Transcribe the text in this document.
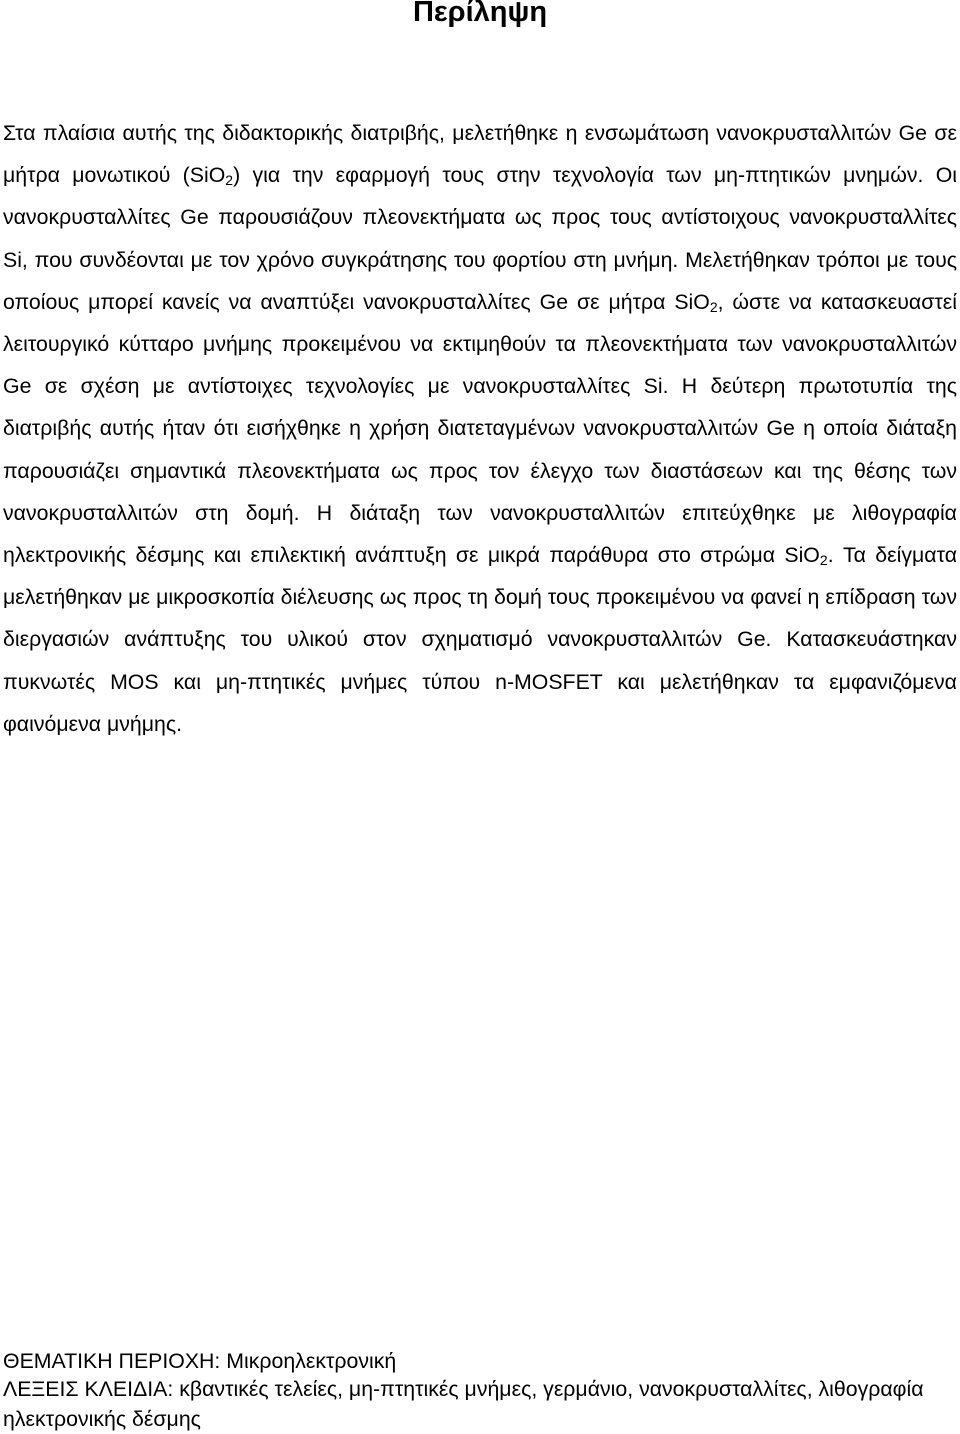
Περίληψη

Στα πλαίσια αυτής της διδακτορικής διατριβής, μελετήθηκε η ενσωμάτωση νανοκρυσταλλιτών Ge σε μήτρα μονωτικού (SiO$_2$) για την εφαρμογή τους στην τεχνολογία των μη-πτητικών μνημών. Οι νανοκρυσταλλίτες Ge παρουσιάζουν πλεονεκτήματα ως προς τους αντίστοιχους νανοκρυσταλλίτες Si, που συνδέονται με τον χρόνο συγκράτησης του φορτίου στη μνήμη. Μελετήθηκαν τρόποι με τους οποίους μπορεί κανείς να αναπτύξει νανοκρυσταλλίτες Ge σε μήτρα SiO$_2$, ώστε να κατασκευαστεί λειτουργικό κύτταρο μνήμης προκειμένου να εκτιμηθούν τα πλεονεκτήματα των νανοκρυσταλλιτών Ge σε σχέση με αντίστοιχες τεχνολογίες με νανοκρυσταλλίτες Si. Η δεύτερη πρωτοτυπία της διατριβής αυτής ήταν ότι εισήχθηκε η χρήση διατεταγμένων νανοκρυσταλλιτών Ge η οποία διάταξη παρουσιάζει σημαντικά πλεονεκτήματα ως προς τον έλεγχο των διαστάσεων και της θέσης των νανοκρυσταλλιτών στη δομή. Η διάταξη των νανοκρυσταλλιτών επιτεύχθηκε με λιθογραφία ηλεκτρονικής δέσμης και επιλεκτική ανάπτυξη σε μικρά παράθυρα στο στρώμα SiO$_2$. Τα δείγματα μελετήθηκαν με μικροσκοπία διέλευσης ως προς τη δομή τους προκειμένου να φανεί η επίδραση των διεργασιών ανάπτυξης του υλικού στον σχηματισμό νανοκρυσταλλιτών Ge. Κατασκευάστηκαν πυκνωτές MOS και μη-πτητικές μνήμες τύπου n-MOSFET και μελετήθηκαν τα εμφανιζόμενα φαινόμενα μνήμης.

ΘΕΜΑΤΙΚΗ ΠΕΡΙΟΧΗ: Μικροηλεκτρονική

ΛΕΞΕΙΣ ΚΛΕΙΔΙΑ: κβαντικές τελείες, μη-πτητικές μνήμες, γερμάνιο, νανοκρυσταλλίτες, λιθογραφία ηλεκτρονικής δέσμης
